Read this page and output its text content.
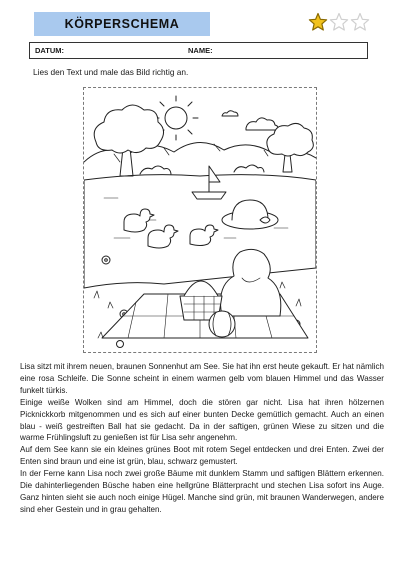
KÖRPERSCHEMA
DATUM:	NAME:
Lies den Text und male das Bild richtig an.

Lisa sitzt mit ihrem neuen, braunen Sonnenhut am See. Sie hat ihn erst heute gekauft. Er hat nämlich eine rosa Schleife. Die Sonne scheint in einem warmen gelb vom blauen Himmel und das Wasser funkelt türkis.

Einige weiße Wolken sind am Himmel, doch die stören gar nicht. Lisa hat ihren hölzernen Picknickkorb mitgenommen und es sich auf einer bunten Decke gemütlich gemacht. Auch an einen blau - weiß gestreiften Ball hat sie gedacht. Da in der saftigen, grünen Wiese zu sitzen und die warme Frühlingsluft zu genießen ist für Lisa sehr angenehm.

Auf dem See kann sie ein kleines grünes Boot mit rotem Segel entdecken und drei Enten. Zwei der Enten sind braun und eine ist grün, blau, schwarz gemustert.

In der Ferne kann Lisa noch zwei große Bäume mit dunklem Stamm und saftigen Blättern erkennen. Die dahinterliegenden Büsche haben eine hellgrüne Blätterpracht und stechen Lisa sofort ins Auge. Ganz hinten sieht sie auch noch einige Hügel. Manche sind grün, mit braunen Wanderwegen, andere sind eher Gestein und in grau gehalten.
